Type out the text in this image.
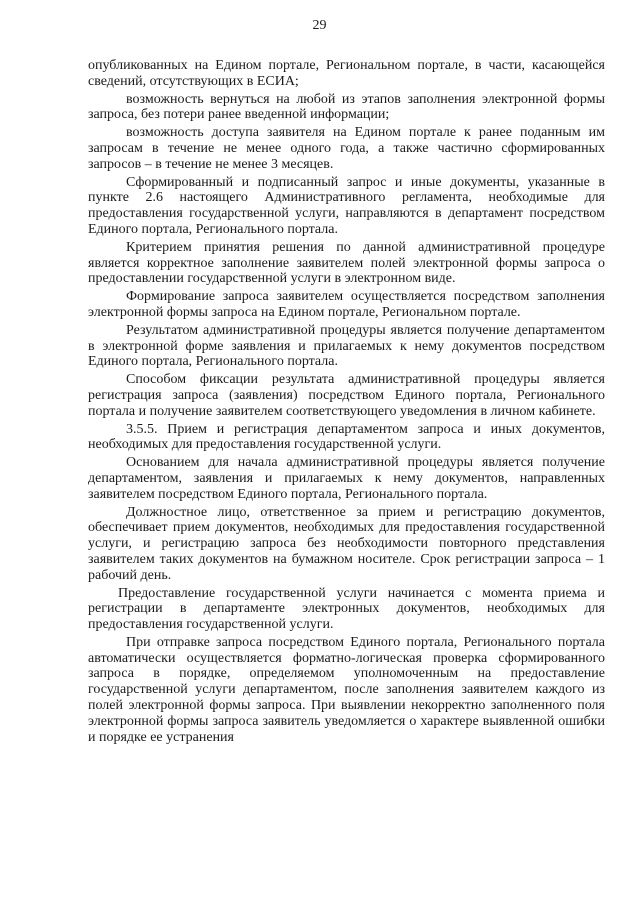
29

опубликованных на Едином портале, Региональном портале, в части, касающейся сведений, отсутствующих в ЕСИА;

возможность вернуться на любой из этапов заполнения электронной формы запроса, без потери ранее введенной информации;

возможность доступа заявителя на Едином портале к ранее поданным им запросам в течение не менее одного года, а также частично сформированных запросов – в течение не менее 3 месяцев.

Сформированный и подписанный запрос и иные документы, указанные в пункте 2.6 настоящего Административного регламента, необходимые для предоставления государственной услуги, направляются в департамент посредством Единого портала, Регионального портала.

Критерием принятия решения по данной административной процедуре является корректное заполнение заявителем полей электронной формы запроса о предоставлении государственной услуги в электронном виде.

Формирование запроса заявителем осуществляется посредством заполнения электронной формы запроса на Едином портале, Региональном портале.

Результатом административной процедуры является получение департаментом в электронной форме заявления и прилагаемых к нему документов посредством Единого портала, Регионального портала.

Способом фиксации результата административной процедуры является регистрация запроса (заявления) посредством Единого портала, Регионального портала и получение заявителем соответствующего уведомления в личном кабинете.

3.5.5. Прием и регистрация департаментом запроса и иных документов, необходимых для предоставления государственной услуги.

Основанием для начала административной процедуры является получение департаментом, заявления и прилагаемых к нему документов, направленных заявителем посредством Единого портала, Регионального портала.

Должностное лицо, ответственное за прием и регистрацию документов, обеспечивает прием документов, необходимых для предоставления государственной услуги, и регистрацию запроса без необходимости повторного представления заявителем таких документов на бумажном носителе. Срок регистрации запроса – 1 рабочий день.

Предоставление государственной услуги начинается с момента приема и регистрации в департаменте электронных документов, необходимых для предоставления государственной услуги.

При отправке запроса посредством Единого портала, Регионального портала автоматически осуществляется форматно-логическая проверка сформированного запроса в порядке, определяемом уполномоченным на предоставление государственной услуги департаментом, после заполнения заявителем каждого из полей электронной формы запроса. При выявлении некорректно заполненного поля электронной формы запроса заявитель уведомляется о характере выявленной ошибки и порядке ее устранения
